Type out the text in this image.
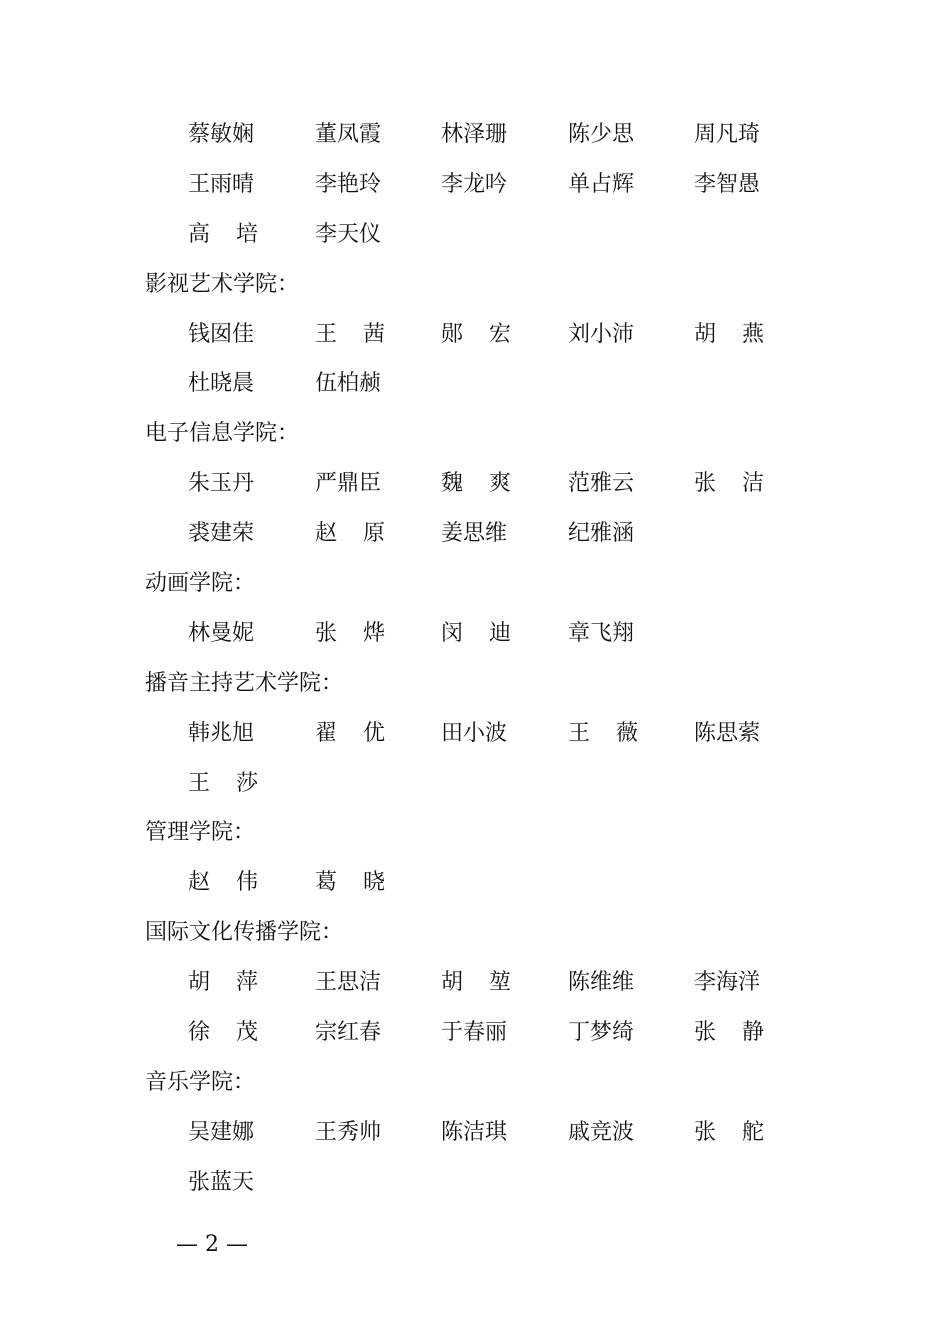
蔡敏娴	董凤霞	林泽珊	陈少思	周凡琦
王雨晴	李艳玲	李龙吟	单占辉	李智愚
高 培	李天仪
影视艺术学院：
钱囡佳	王 茜	郧 宏	刘小沛	胡 燕
杜晓晨	伍柏赪
电子信息学院：
朱玉丹	严鼎臣	魏 爽	范雅云	张 洁
裘建荣	赵 原	姜思维	纪雅涵
动画学院：
林曼妮	张 烨	闵 迪	章飞翔
播音主持艺术学院：
韩兆旭	翟 优	田小波	王 薇	陈思萦
王 莎
管理学院：
赵 伟	葛 晓
国际文化传播学院：
胡 萍	王思洁	胡 堃	陈维维	李海洋
徐 茂	宗红春	于春丽	丁梦绮	张 静
音乐学院：
吴建娜	王秀帅	陈洁琪	戚竞波	张 舵
张蓝天
— 2 —
